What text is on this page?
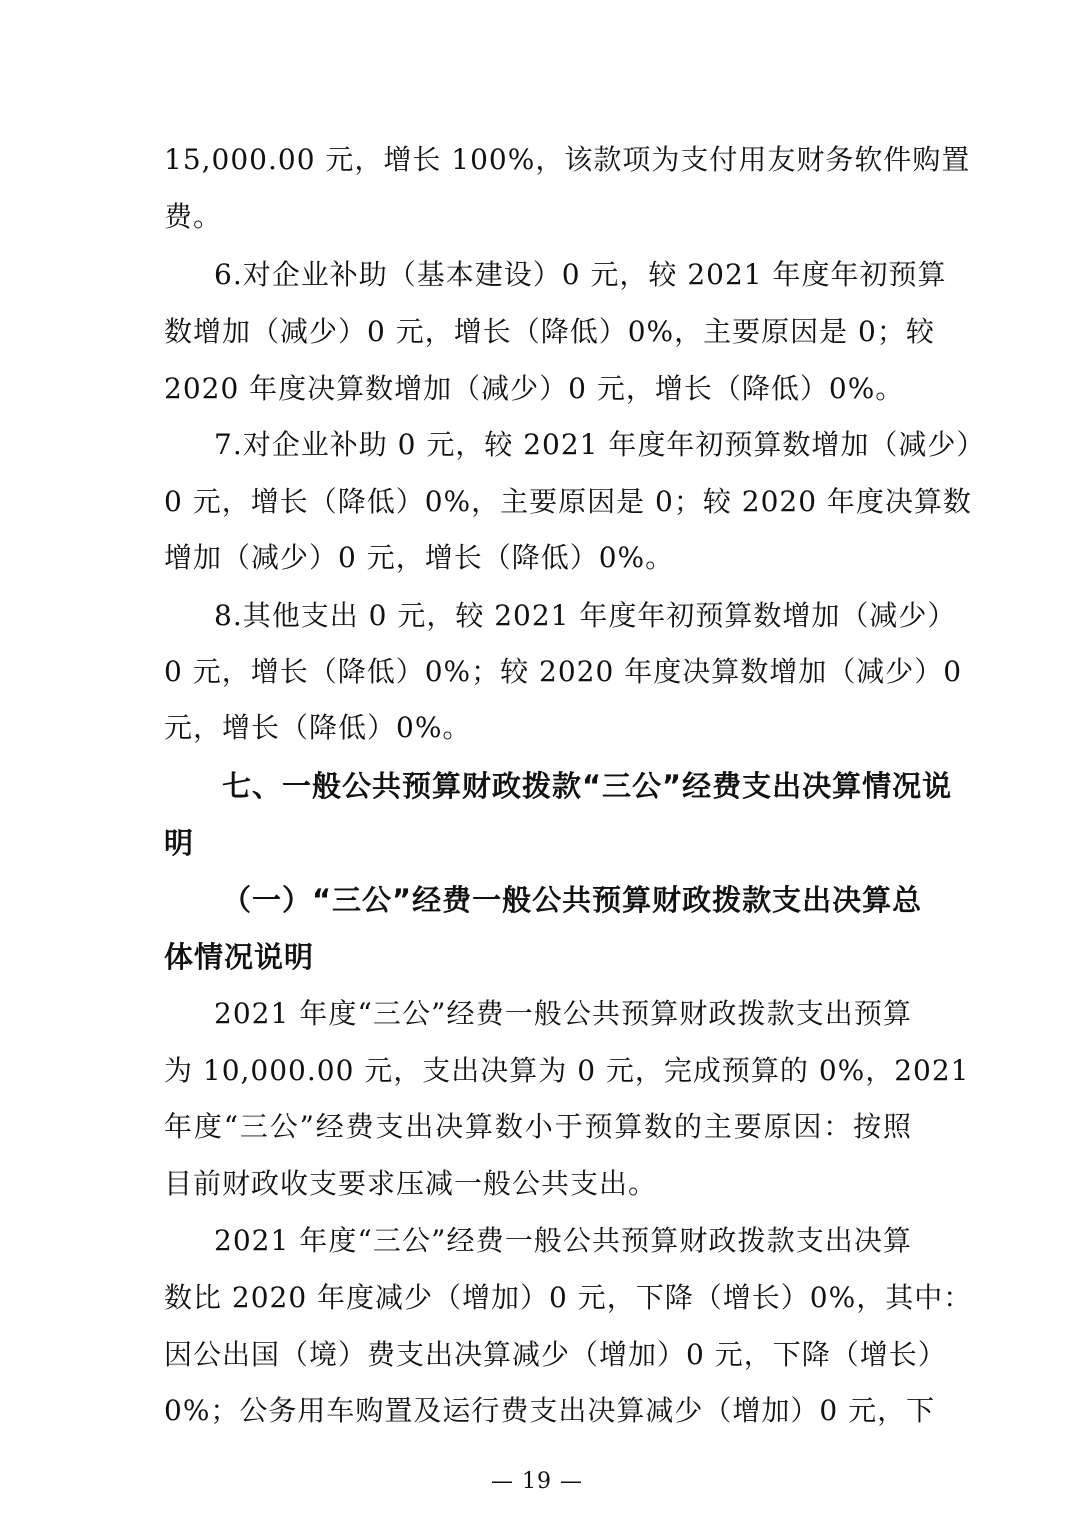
15,000.00 元，增长 100%，该款项为支付用友财务软件购置
费。
6.对企业补助（基本建设）0 元，较 2021 年度年初预算
数增加（减少）0 元，增长（降低）0%，主要原因是 0；较
2020 年度决算数增加（减少）0 元，增长（降低）0%。
7.对企业补助 0 元，较 2021 年度年初预算数增加（减少）
0 元，增长（降低）0%，主要原因是 0；较 2020 年度决算数
增加（减少）0 元，增长（降低）0%。
8.其他支出 0 元，较 2021 年度年初预算数增加（减少）
0 元，增长（降低）0%；较 2020 年度决算数增加（减少）0
元，增长（降低）0%。
七、一般公共预算财政拨款“三公”经费支出决算情况说
明
（一）“三公”经费一般公共预算财政拨款支出决算总
体情况说明
2021 年度“三公”经费一般公共预算财政拨款支出预算
为 10,000.00 元，支出决算为 0 元，完成预算的 0%，2021
年度“三公”经费支出决算数小于预算数的主要原因：按照
目前财政收支要求压减一般公共支出。
2021 年度“三公”经费一般公共预算财政拨款支出决算
数比 2020 年度减少（增加）0 元，下降（增长）0%，其中：
因公出国（境）费支出决算减少（增加）0 元，下降（增长）
0%；公务用车购置及运行费支出决算减少（增加）0 元，下
— 19 —
